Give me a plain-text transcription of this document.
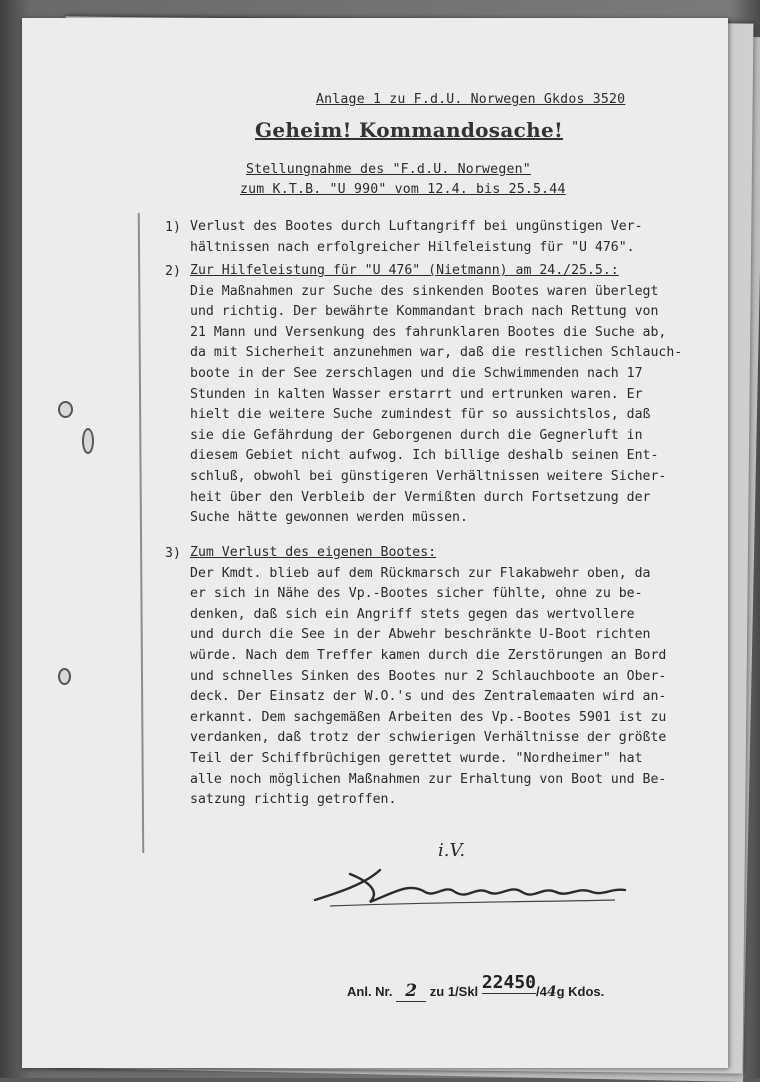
Anlage 1 zu F.d.U. Norwegen Gkdos 3520
Geheim! Kommandosache!
Stellungnahme des "F.d.U. Norwegen"
zum K.T.B. "U 990" vom 12.4. bis 25.5.44
1) Verlust des Bootes durch Luftangriff bei ungünstigen Ver-
hältnissen nach erfolgreicher Hilfeleistung für "U 476".
2) Zur Hilfeleistung für "U 476" (Nietmann) am 24./25.5.:
Die Maßnahmen zur Suche des sinkenden Bootes waren überlegt
und richtig. Der bewährte Kommandant brach nach Rettung von
21 Mann und Versenkung des fahrunklaren Bootes die Suche ab,
da mit Sicherheit anzunehmen war, daß die restlichen Schlauch-
boote in der See zerschlagen und die Schwimmenden nach 17
Stunden in kalten Wasser erstarrt und ertrunken waren. Er
hielt die weitere Suche zumindest für so aussichtslos, daß
sie die Gefährdung der Geborgenen durch die Gegnerluft in
diesem Gebiet nicht aufwog. Ich billige deshalb seinen Ent-
schluß, obwohl bei günstigeren Verhältnissen weitere Sicher-
heit über den Verbleib der Vermißten durch Fortsetzung der
Suche hätte gewonnen werden müssen.
3) Zum Verlust des eigenen Bootes:
Der Kmdt. blieb auf dem Rückmarsch zur Flakabwehr oben, da
er sich in Nähe des Vp.-Bootes sicher fühlte, ohne zu be-
denken, daß sich ein Angriff stets gegen das wertvollere
und durch die See in der Abwehr beschränkte U-Boot richten
würde. Nach dem Treffer kamen durch die Zerstörungen an Bord
und schnelles Sinken des Bootes nur 2 Schlauchboote an Ober-
deck. Der Einsatz der W.O.'s und des Zentralemaaten wird an-
erkannt. Dem sachgemäßen Arbeiten des Vp.-Bootes 5901 ist zu
verdanken, daß trotz der schwierigen Verhältnisse der größte
Teil der Schiffbrüchigen gerettet wurde. "Nordheimer" hat
alle noch möglichen Maßnahmen zur Erhaltung von Boot und Be-
satzung richtig getroffen.
i.V.
Anl. Nr. 2 zu 1/Skl 22450/44g Kdos.
